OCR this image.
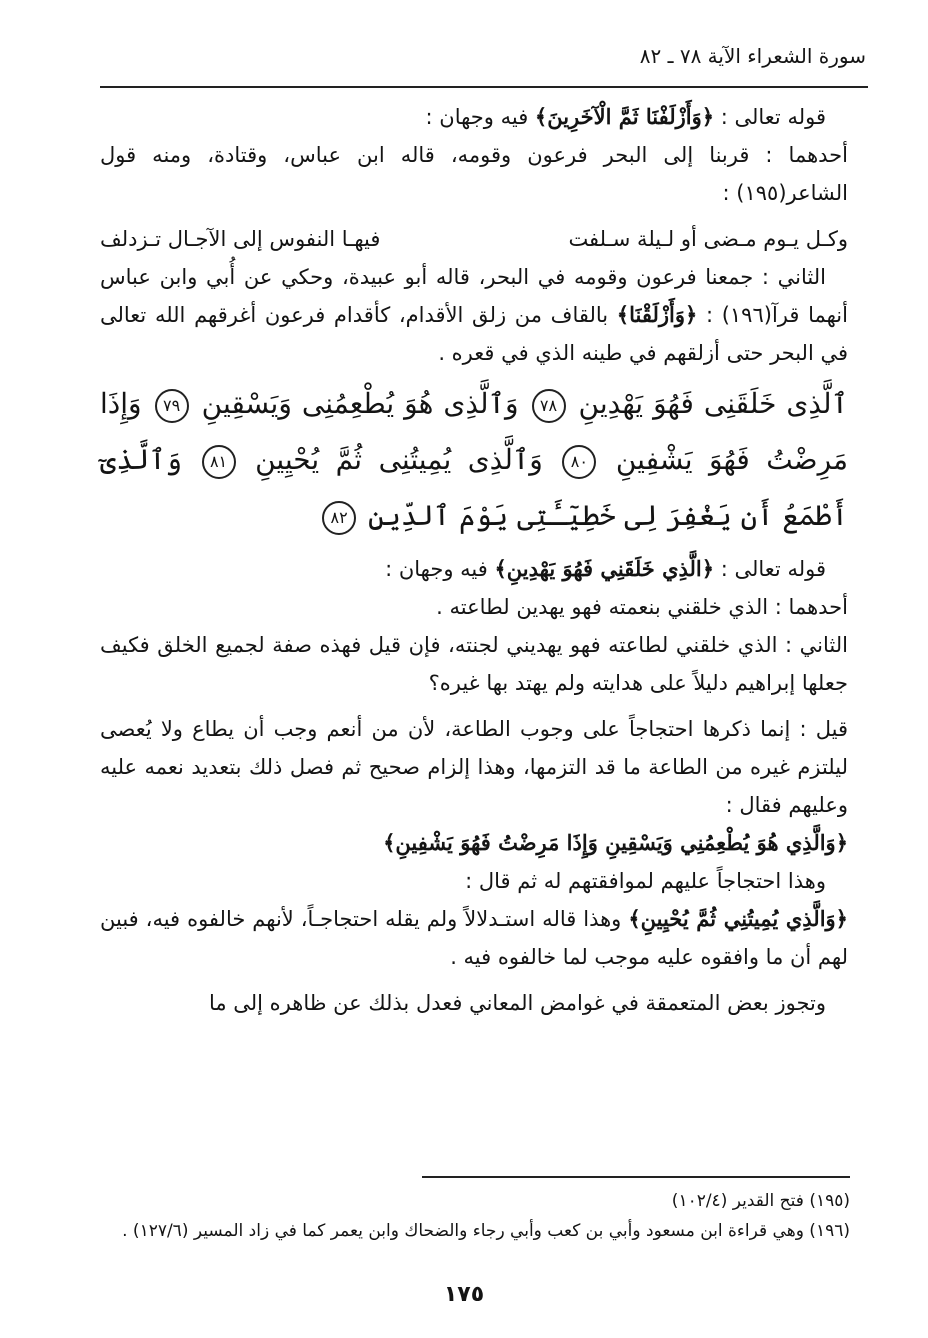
سورة الشعراء الآية ٧٨ ـ ٨٢

قوله تعالى : ﴿وَأَزْلَفْنَا ثَمَّ الْآخَرِينَ﴾ فيه وجهان :

أحدهما : قربنا إلى البحر فرعون وقومه، قاله ابن عباس، وقتادة، ومنه قول الشاعر(١٩٥) :

وكـل يـوم مـضى أو لـيلة سـلفت
فيهـا النفوس إلى الآجـال تـزدلف

الثاني : جمعنا فرعون وقومه في البحر، قاله أبو عبيدة، وحكي عن أُبي وابن عباس أنهما قرآ(١٩٦) : ﴿وَأَزْلَقْنَا﴾ بالقاف من زلق الأقدام، كأقدام فرعون أغرقهم الله تعالى في البحر حتى أزلقهم في طينه الذي في قعره .

ٱلَّذِى خَلَقَنِى فَهُوَ يَهْدِينِ ٧٨ وَٱلَّذِى هُوَ يُطْعِمُنِى وَيَسْقِينِ ٧٩ وَإِذَا مَرِضْتُ فَهُوَ يَشْفِينِ ٨٠ وَٱلَّذِى يُمِيتُنِى ثُمَّ يُحْيِينِ ٨١ وَٱلَّذِىٓ أَطْمَعُ أَن يَغْفِرَ لِى خَطِيٓـَٔتِى يَوْمَ ٱلدِّينِ ٨٢

قوله تعالى : ﴿الَّذِي خَلَقَنِي فَهُوَ يَهْدِينِ﴾ فيه وجهان :

أحدهما : الذي خلقني بنعمته فهو يهدين لطاعته .

الثاني : الذي خلقني لطاعته فهو يهديني لجنته، فإن قيل فهذه صفة لجميع الخلق فكيف جعلها إبراهيم دليلاً على هدايته ولم يهتد بها غيره؟

قيل : إنما ذكرها احتجاجاً على وجوب الطاعة، لأن من أنعم وجب أن يطاع ولا يُعصى ليلتزم غيره من الطاعة ما قد التزمها، وهذا إلزام صحيح ثم فصل ذلك بتعديد نعمه عليه وعليهم فقال :

﴿وَالَّذِي هُوَ يُطْعِمُنِي وَيَسْقِينِ وَإِذَا مَرِضْتُ فَهُوَ يَشْفِينِ﴾

وهذا احتجاجاً عليهم لموافقتهم له ثم قال :

﴿وَالَّذِي يُمِيتُنِي ثُمَّ يُحْيِينِ﴾ وهذا قاله استـدلالاً ولم يقله احتجاجـاً، لأنهم خالفوه فيه، فبين لهم أن ما وافقوه عليه موجب لما خالفوه فيه .

وتجوز بعض المتعمقة في غوامض المعاني فعدل بذلك عن ظاهره إلى ما

(١٩٥) فتح القدير (١٠٢/٤)

(١٩٦) وهي قراءة ابن مسعود وأبي بن كعب وأبي رجاء والضحاك وابن يعمر كما في زاد المسير (١٢٧/٦) .

١٧٥
